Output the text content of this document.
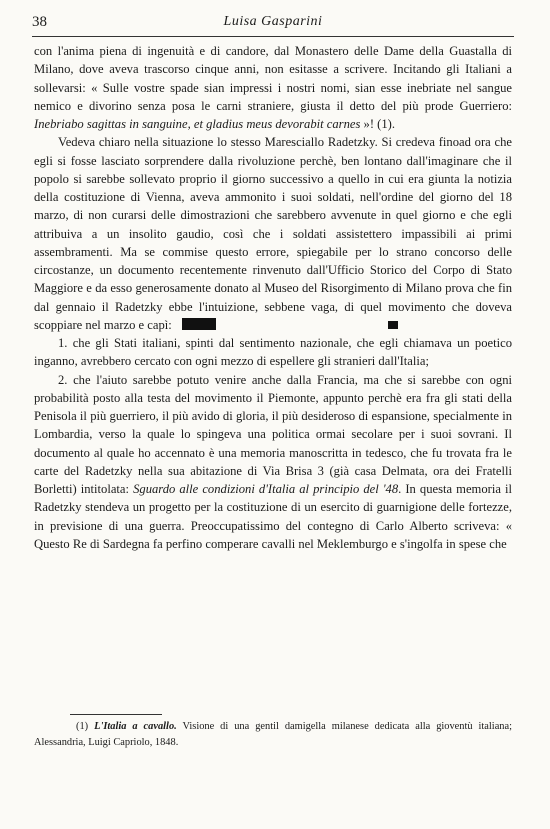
38	Luisa Gasparini

con l'anima piena di ingenuità e di candore, dal Monastero delle Dame della Guastalla di Milano, dove aveva trascorso cinque anni, non esitasse a scrivere. Incitando gli Italiani a sollevarsi: « Sulle vostre spade sian impressi i nostri nomi, sian esse inebriate nel sangue nemico e divorino senza posa le carni straniere, giusta il detto del più prode Guerriero: Inebriabo sagittas in sanguine, et gladius meus devorabit carnes »! (1).

Vedeva chiaro nella situazione lo stesso Maresciallo Radetzky. Si credeva finoad ora che egli si fosse lasciato sorprendere dalla rivoluzione perchè, ben lontano dall'imaginare che il popolo si sarebbe sollevato proprio il giorno successivo a quello in cui era giunta la notizia della costituzione di Vienna, aveva ammonito i suoi soldati, nell'ordine del giorno del 18 marzo, di non curarsi delle dimostrazioni che sarebbero avvenute in quel giorno e che egli attribuiva a un insolito gaudio, così che i soldati assistettero impassibili ai primi assembramenti. Ma se commise questo errore, spiegabile per lo strano concorso delle circostanze, un documento recentemente rinvenuto dall'Ufficio Storico del Corpo di Stato Maggiore e da esso generosamente donato al Museo del Risorgimento di Milano prova che fin dal gennaio il Radetzky ebbe l'intuizione, sebbene vaga, di quel movimento che doveva scoppiare nel marzo e capì:

1. che gli Stati italiani, spinti dal sentimento nazionale, che egli chiamava un poetico inganno, avrebbero cercato con ogni mezzo di espellere gli stranieri dall'Italia;

2. che l'aiuto sarebbe potuto venire anche dalla Francia, ma che si sarebbe con ogni probabilità posto alla testa del movimento il Piemonte, appunto perchè era fra gli stati della Penisola il più guerriero, il più avido di gloria, il più desideroso di espansione, specialmente in Lombardia, verso la quale lo spingeva una politica ormai secolare per i suoi sovrani. Il documento al quale ho accennato è una memoria manoscritta in tedesco, che fu trovata fra le carte del Radetzky nella sua abitazione di Via Brisa 3 (già casa Delmata, ora dei Fratelli Borletti) intitolata: Sguardo alle condizioni d'Italia al principio del '48. In questa memoria il Radetzky stendeva un progetto per la costituzione di un esercito di guarnigione delle fortezze, in previsione di una guerra. Preoccupatissimo del contegno di Carlo Alberto scriveva: « Questo Re di Sardegna fa perfino comperare cavalli nel Meklemburgo e s'ingolfa in spese che

(1) L'Italia a cavallo. Visione di una gentil damigella milanese dedicata alla gioventù italiana; Alessandria, Luigi Capriolo, 1848.
